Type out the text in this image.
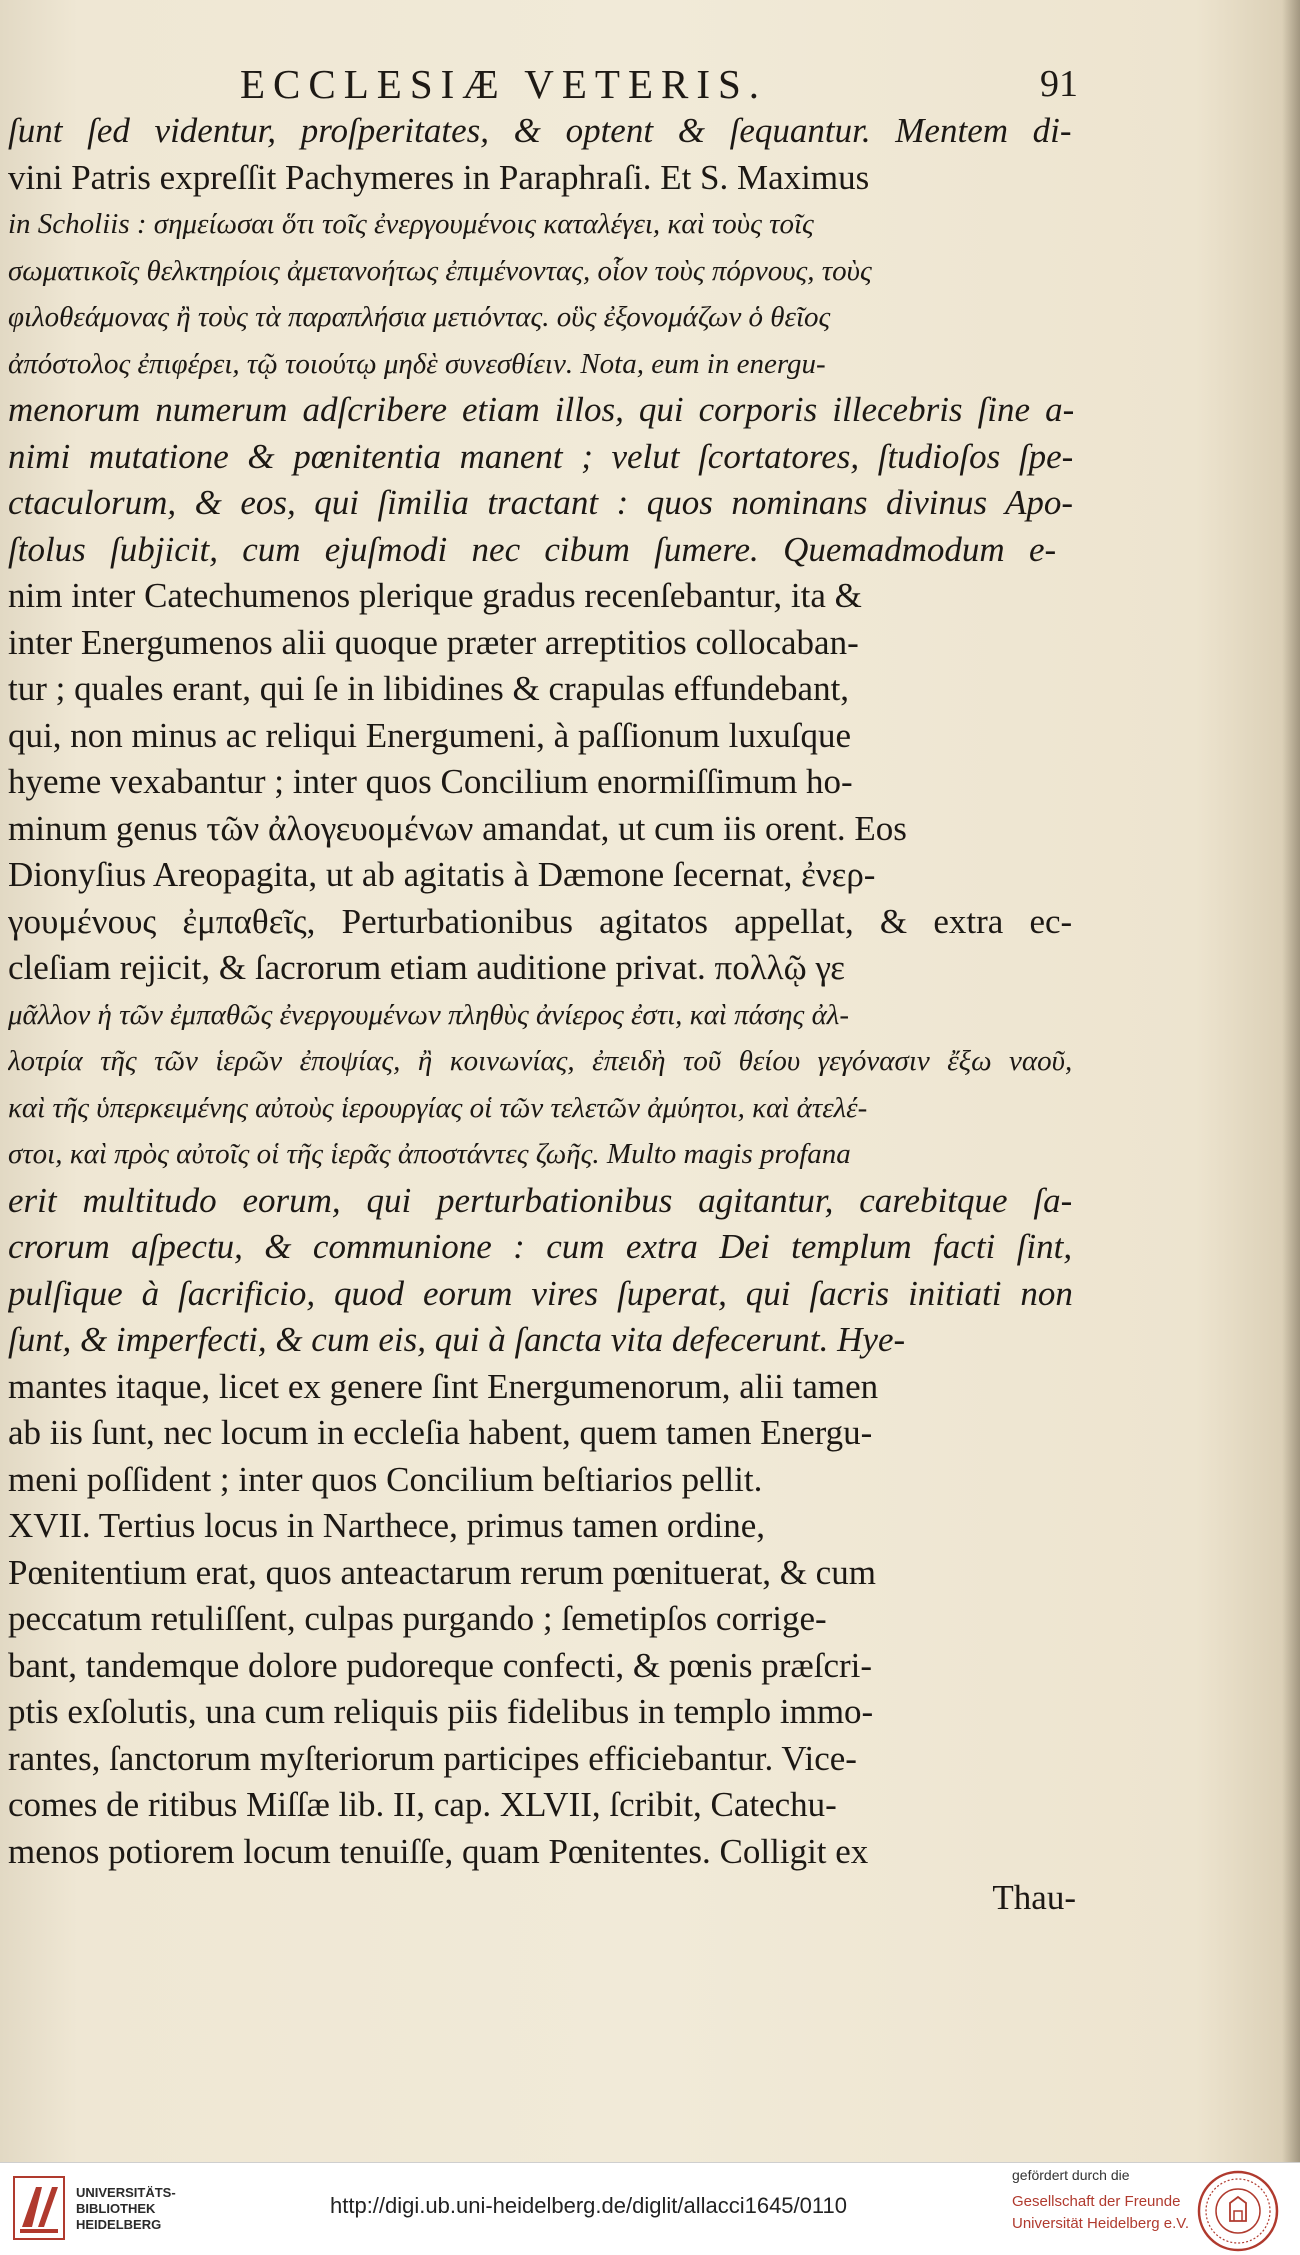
ECCLESIÆ VETERIS.	91
ſunt ſed videntur, proſperitates, & optent & ſequantur. Mentem di-
vini Patris expreſſit Pachymeres in Paraphraſi. Et S. Maximus
in Scholiis : σημείωσαι ὅτι τοῖς ἐνεργουμένοις καταλέγει, καὶ τοὺς τοῖς
σωματικοῖς θελκτηρίοις ἀμετανοήτως ἐπιμένοντας, οἷον τοὺς πόρνους, τοὺς
φιλοθεάμονας ἢ τοὺς τὰ παραπλήσια μετιόντας. οὓς ἐξονομάζων ὁ θεῖος
ἀπόστολος ἐπιφέρει, τῷ τοιούτῳ μηδὲ συνεσθίειν. Nota, eum in energu-
menorum numerum adſcribere etiam illos, qui corporis illecebris ſine a-
nimi mutatione & pœnitentia manent ; velut ſcortatores, ſtudioſos ſpe-
ctaculorum, & eos, qui ſimilia tractant : quos nominans divinus Apo-
ſtolus ſubjicit, cum ejuſmodi nec cibum ſumere. Quemadmodum e-
nim inter Catechumenos plerique gradus recenſebantur, ita &
inter Energumenos alii quoque præter arreptitios collocaban-
tur ; quales erant, qui ſe in libidines & crapulas effundebant,
qui, non minus ac reliqui Energumeni, à paſſionum luxuſque
hyeme vexabantur ; inter quos Concilium enormiſſimum ho-
minum genus τῶν ἀλογευομένων amandat, ut cum iis orent. Eos
Dionyſius Areopagita, ut ab agitatis à Dæmone ſecernat, ἐνερ-
γουμένους ἐμπαθεῖς, Perturbationibus agitatos appellat, & extra ec-
cleſiam rejicit, & ſacrorum etiam auditione privat. πολλῷ γε
μᾶλλον ἡ τῶν ἐμπαθῶς ἐνεργουμένων πληθὺς ἀνίερος ἐστι, καὶ πάσης ἀλ-
λοτρία τῆς τῶν ἱερῶν ἐποψίας, ἢ κοινωνίας, ἐπειδὴ τοῦ θείου γεγόνασιν ἔξω ναοῦ,
καὶ τῆς ὑπερκειμένης αὐτοὺς ἱερουργίας οἱ τῶν τελετῶν ἀμύητοι, καὶ ἀτελέ-
στοι, καὶ πρὸς αὐτοῖς οἱ τῆς ἱερᾶς ἀποστάντες ζωῆς. Multo magis profana
erit multitudo eorum, qui perturbationibus agitantur, carebitque ſa-
crorum aſpectu, & communione : cum extra Dei templum facti ſint,
pulſique à ſacrificio, quod eorum vires ſuperat, qui ſacris initiati non
ſunt, & imperfecti, & cum eis, qui à ſancta vita defecerunt. Hye-
mantes itaque, licet ex genere ſint Energumenorum, alii tamen
ab iis ſunt, nec locum in eccleſia habent, quem tamen Energu-
meni poſſident ; inter quos Concilium beſtiarios pellit.
XVII. Tertius locus in Narthece, primus tamen ordine,
Pœnitentium erat, quos anteactarum rerum pœnituerat, & cum
peccatum retuliſſent, culpas purgando ; ſemetipſos corrige-
bant, tandemque dolore pudoreque confecti, & pœnis præſcri-
ptis exſolutis, una cum reliquis piis fidelibus in templo immo-
rantes, ſanctorum myſteriorum participes efficiebantur. Vice-
comes de ritibus Miſſæ lib. II, cap. XLVII, ſcribit, Catechu-
menos potiorem locum tenuiſſe, quam Pœnitentes. Colligit ex
Thau-
UNIVERSITÄTS-
BIBLIOTHEK
HEIDELBERG
http://digi.ub.uni-heidelberg.de/diglit/allacci1645/0110
gefördert durch die
Gesellschaft der Freunde
Universität Heidelberg e.V.
